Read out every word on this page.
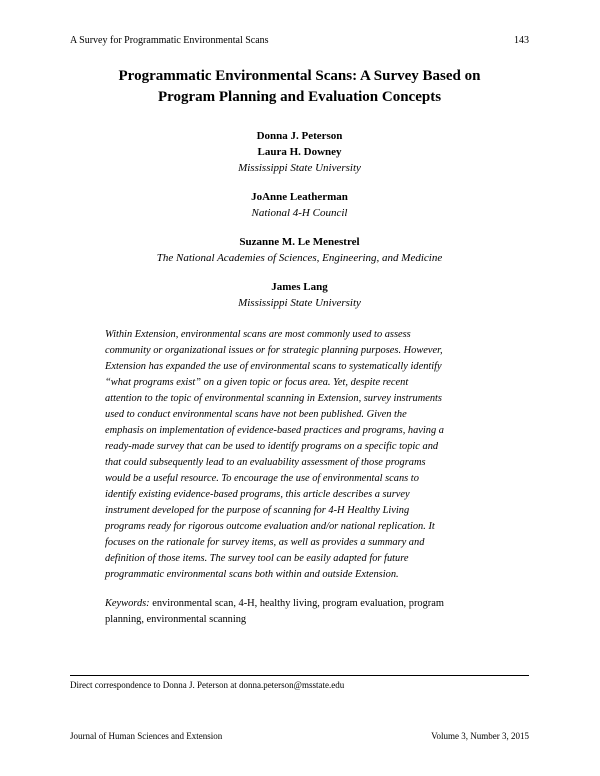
A Survey for Programmatic Environmental Scans	143
Programmatic Environmental Scans: A Survey Based on
Program Planning and Evaluation Concepts
Donna J. Peterson
Laura H. Downey
Mississippi State University
JoAnne Leatherman
National 4-H Council
Suzanne M. Le Menestrel
The National Academies of Sciences, Engineering, and Medicine
James Lang
Mississippi State University
Within Extension, environmental scans are most commonly used to assess
community or organizational issues or for strategic planning purposes. However,
Extension has expanded the use of environmental scans to systematically identify
“what programs exist” on a given topic or focus area. Yet, despite recent
attention to the topic of environmental scanning in Extension, survey instruments
used to conduct environmental scans have not been published. Given the
emphasis on implementation of evidence-based practices and programs, having a
ready-made survey that can be used to identify programs on a specific topic and
that could subsequently lead to an evaluability assessment of those programs
would be a useful resource. To encourage the use of environmental scans to
identify existing evidence-based programs, this article describes a survey
instrument developed for the purpose of scanning for 4-H Healthy Living
programs ready for rigorous outcome evaluation and/or national replication. It
focuses on the rationale for survey items, as well as provides a summary and
definition of those items. The survey tool can be easily adapted for future
programmatic environmental scans both within and outside Extension.
Keywords: environmental scan, 4-H, healthy living, program evaluation, program
planning, environmental scanning
Direct correspondence to Donna J. Peterson at donna.peterson@msstate.edu
Journal of Human Sciences and Extension	Volume 3, Number 3, 2015
